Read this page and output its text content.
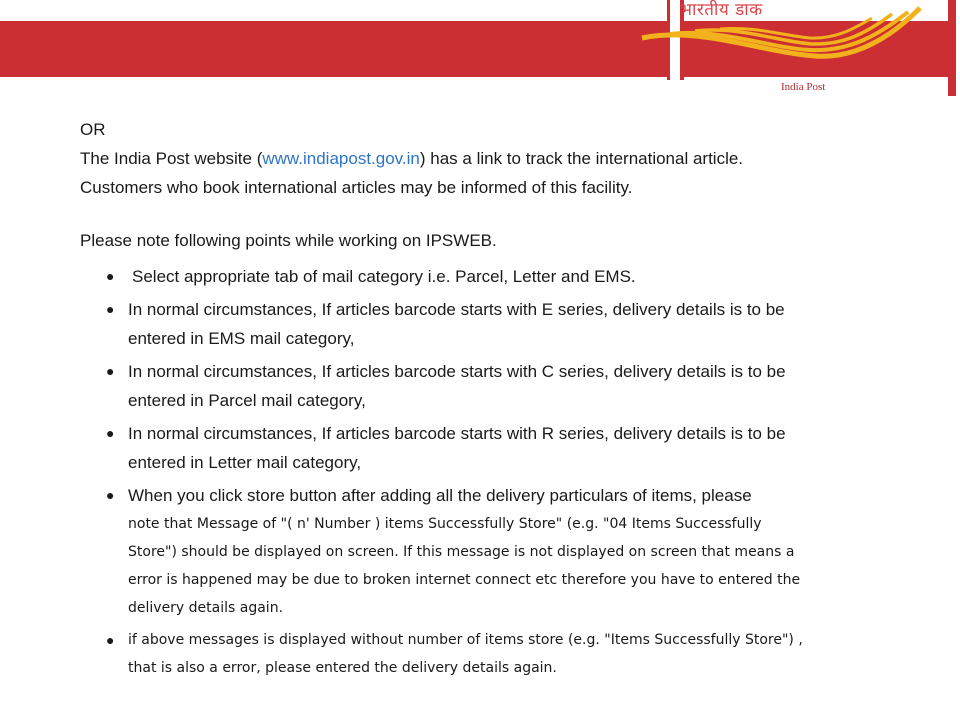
भारतीय डाक
India Post
OR
The India Post website (www.indiapost.gov.in) has a link to track the international article.
Customers who book international articles may be informed of this facility.
Please note following points while working on IPSWEB.
● Select appropriate tab of mail category i.e. Parcel, Letter and EMS.
● In normal circumstances, If articles barcode starts with E series, delivery details is to be
entered in EMS mail category,
● In normal circumstances, If articles barcode starts with C series, delivery details is to be
entered in Parcel mail category,
● In normal circumstances, If articles barcode starts with R series, delivery details is to be
entered in Letter mail category,
● When you click store button after adding all the delivery particulars of items, please
note that Message of "( n' Number ) items Successfully Store" (e.g. "04 Items Successfully
Store") should be displayed on screen. If this message is not displayed on screen that means a
error is happened may be due to broken internet connect etc therefore you have to entered the
delivery details again.
● if above messages is displayed without number of items store (e.g. "Items Successfully Store") ,
that is also a error, please entered the delivery details again.
